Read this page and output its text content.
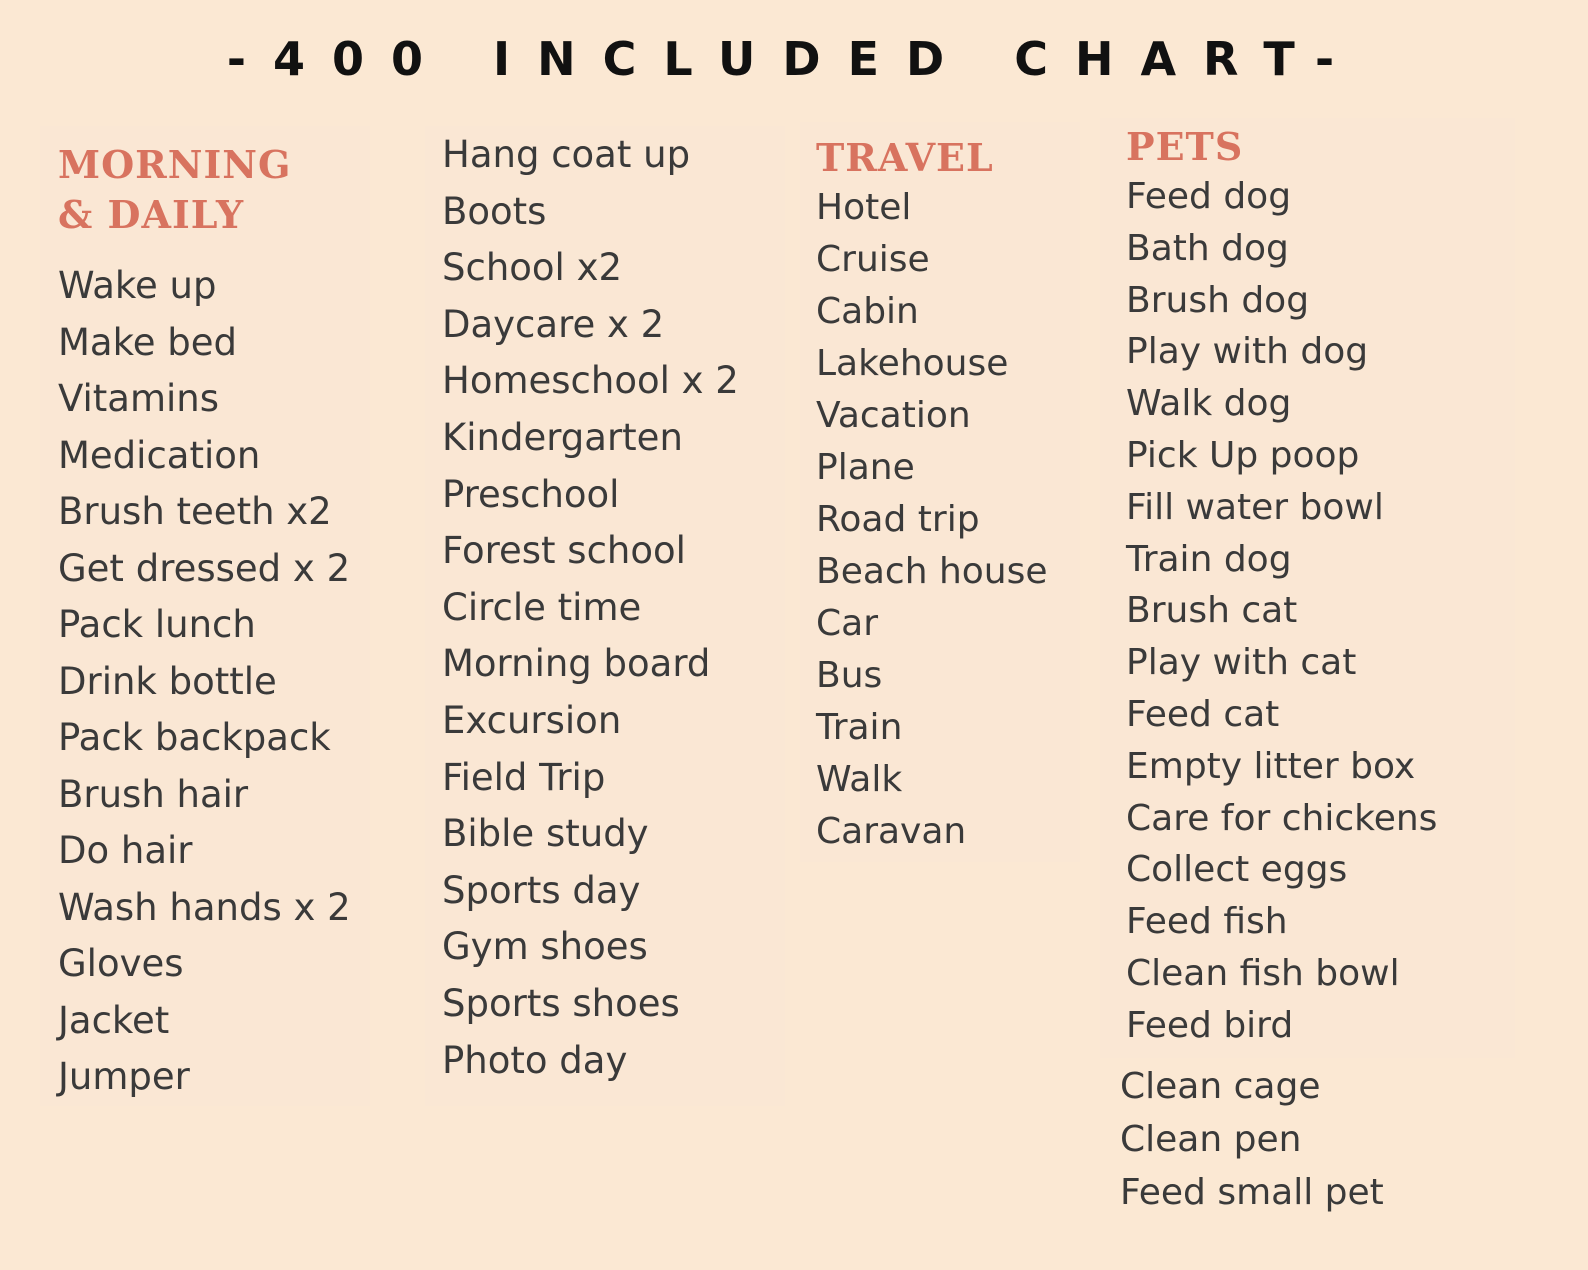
-400 INCLUDED CHART-
MORNING & DAILY
Wake up
Make bed
Vitamins
Medication
Brush teeth x2
Get dressed x 2
Pack lunch
Drink bottle
Pack backpack
Brush hair
Do hair
Wash hands x 2
Gloves
Jacket
Jumper
Hang coat up
Boots
School x2
Daycare x 2
Homeschool x 2
Kindergarten
Preschool
Forest school
Circle time
Morning board
Excursion
Field Trip
Bible study
Sports day
Gym shoes
Sports shoes
Photo day
TRAVEL
Hotel
Cruise
Cabin
Lakehouse
Vacation
Plane
Road trip
Beach house
Car
Bus
Train
Walk
Caravan
PETS
Feed dog
Bath dog
Brush dog
Play with dog
Walk dog
Pick Up poop
Fill water bowl
Train dog
Brush cat
Play with cat
Feed cat
Empty litter box
Care for chickens
Collect eggs
Feed fish
Clean fish bowl
Feed bird
Clean cage
Clean pen
Feed small pet
